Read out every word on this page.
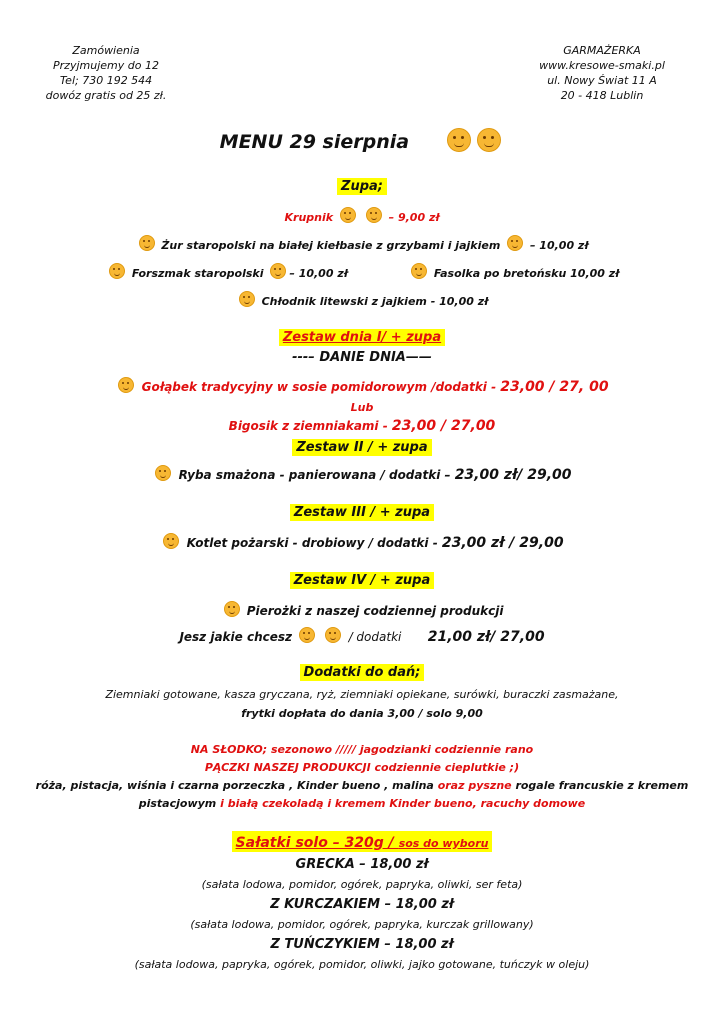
Zamówienia
Przyjmujemy do 12
Tel; 730 192 544
dowóz gratis od 25 zł.
GARMAŻERKA
www.kresowe-smaki.pl
ul. Nowy Świat 11 A
20 - 418 Lublin
MENU 29 sierpnia
Zupa;
Krupnik	– 9,00 zł
Żur staropolski na białej kiełbasie z grzybami i jajkiem	– 10,00 zł
Forszmak staropolski – 10,00 zł	Fasolka po bretońsku 10,00 zł
Chłodnik litewski z jajkiem - 10,00 zł
Zestaw dnia I/ + zupa
---– DANIE DNIA——
Gołąbek tradycyjny w sosie pomidorowym /dodatki - 23,00 / 27, 00
Lub
Bigosik z ziemniakami - 23,00 / 27,00
Zestaw II / + zupa
Ryba smażona - panierowana / dodatki – 23,00 zł/ 29,00
Zestaw III / + zupa
Kotlet pożarski - drobiowy / dodatki - 23,00 zł / 29,00
Zestaw IV / + zupa
Pierożki z naszej codziennej produkcji
Jesz jakie chcesz	/ dodatki 21,00 zł/ 27,00
Dodatki do dań;
Ziemniaki gotowane, kasza gryczana, ryż, ziemniaki opiekane, surówki, buraczki zasmażane,
frytki dopłata do dania 3,00 / solo 9,00
NA SŁODKO; sezonowo ///// jagodzianki codziennie rano
PĄCZKI NASZEJ PRODUKCJI codziennie cieplutkie ;)
róża, pistacja, wiśnia i czarna porzeczka , Kinder bueno , malina oraz pyszne rogale francuskie z kremem
pistacjowym i białą czekoladą i kremem Kinder bueno, racuchy domowe
Sałatki solo – 320g / sos do wyboru
GRECKA – 18,00 zł
(sałata lodowa, pomidor, ogórek, papryka, oliwki, ser feta)
Z KURCZAKIEM – 18,00 zł
(sałata lodowa, pomidor, ogórek, papryka, kurczak grillowany)
Z TUŃCZYKIEM – 18,00 zł
(sałata lodowa, papryka, ogórek, pomidor, oliwki, jajko gotowane, tuńczyk w oleju)
